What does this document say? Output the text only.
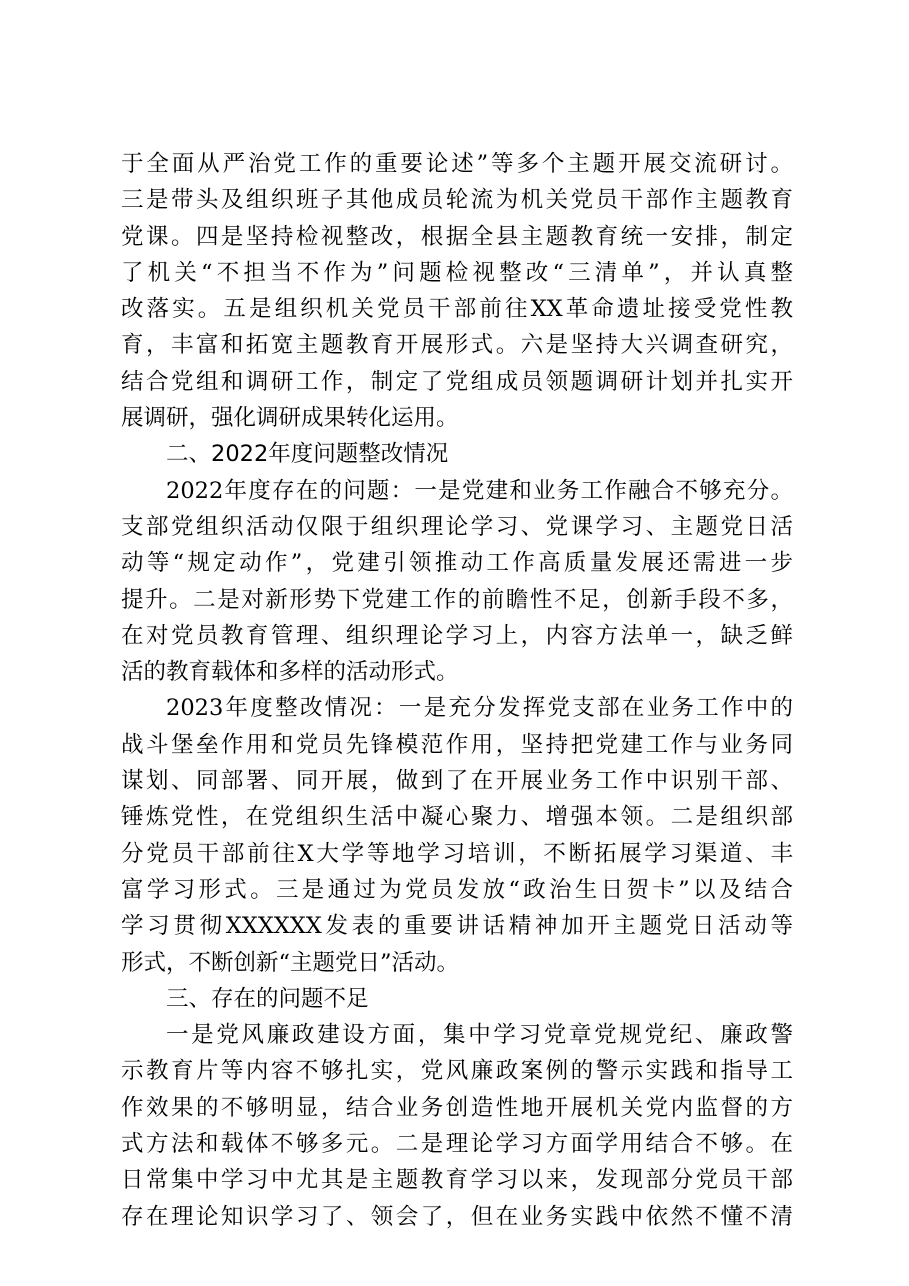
于全面从严治党工作的重要论述”等多个主题开展交流研讨。
三是带头及组织班子其他成员轮流为机关党员干部作主题教育
党课。四是坚持检视整改，根据全县主题教育统一安排，制定
了机关“不担当不作为”问题检视整改“三清单”，并认真整
改落实。五是组织机关党员干部前往XX革命遗址接受党性教
育，丰富和拓宽主题教育开展形式。六是坚持大兴调查研究，
结合党组和调研工作，制定了党组成员领题调研计划并扎实开
展调研，强化调研成果转化运用。
二、2022年度问题整改情况
2022年度存在的问题：一是党建和业务工作融合不够充分。
支部党组织活动仅限于组织理论学习、党课学习、主题党日活
动等“规定动作”，党建引领推动工作高质量发展还需进一步
提升。二是对新形势下党建工作的前瞻性不足，创新手段不多，
在对党员教育管理、组织理论学习上，内容方法单一，缺乏鲜
活的教育载体和多样的活动形式。
2023年度整改情况：一是充分发挥党支部在业务工作中的
战斗堡垒作用和党员先锋模范作用，坚持把党建工作与业务同
谋划、同部署、同开展，做到了在开展业务工作中识别干部、
锤炼党性，在党组织生活中凝心聚力、增强本领。二是组织部
分党员干部前往X大学等地学习培训，不断拓展学习渠道、丰
富学习形式。三是通过为党员发放“政治生日贺卡”以及结合
学习贯彻XXXXXX发表的重要讲话精神加开主题党日活动等
形式，不断创新“主题党日”活动。
三、存在的问题不足
一是党风廉政建设方面，集中学习党章党规党纪、廉政警
示教育片等内容不够扎实，党风廉政案例的警示实践和指导工
作效果的不够明显，结合业务创造性地开展机关党内监督的方
式方法和载体不够多元。二是理论学习方面学用结合不够。在
日常集中学习中尤其是主题教育学习以来，发现部分党员干部
存在理论知识学习了、领会了，但在业务实践中依然不懂不清
